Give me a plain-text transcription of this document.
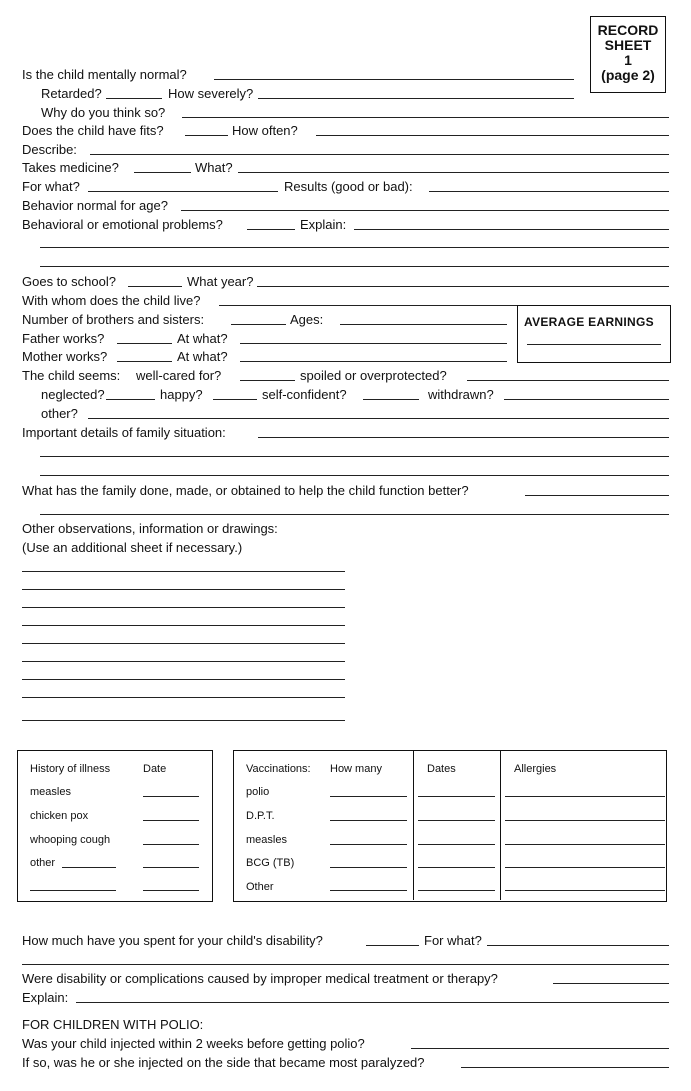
RECORD
SHEET
1
(page 2)
Is the child mentally normal?
Retarded?	How severely?
Why do you think so?
Does the child have fits?	How often?
Describe:
Takes medicine?	What?
For what?	Results (good or bad):
Behavior normal for age?
Behavioral or emotional problems?	Explain:
Goes to school?	What year?
With whom does the child live?
Number of brothers and sisters:	Ages:
Father works?	At what?
Mother works?	At what?
AVERAGE EARNINGS
The child seems: well-cared for?	spoiled or overprotected?
neglected?	happy?	self-confident?	withdrawn?
other?
Important details of family situation:
What has the family done, made, or obtained to help the child function better?
Other observations, information or drawings:
(Use an additional sheet if necessary.)
History of illness	Date
measles
chicken pox
whooping cough
other
Vaccinations: How many	Dates	Allergies
polio
D.P.T.
measles
BCG (TB)
Other
How much have you spent for your child's disability?	For what?
Were disability or complications caused by improper medical treatment or therapy?
Explain:
FOR CHILDREN WITH POLIO:
Was your child injected within 2 weeks before getting polio?
If so, was he or she injected on the side that became most paralyzed?
